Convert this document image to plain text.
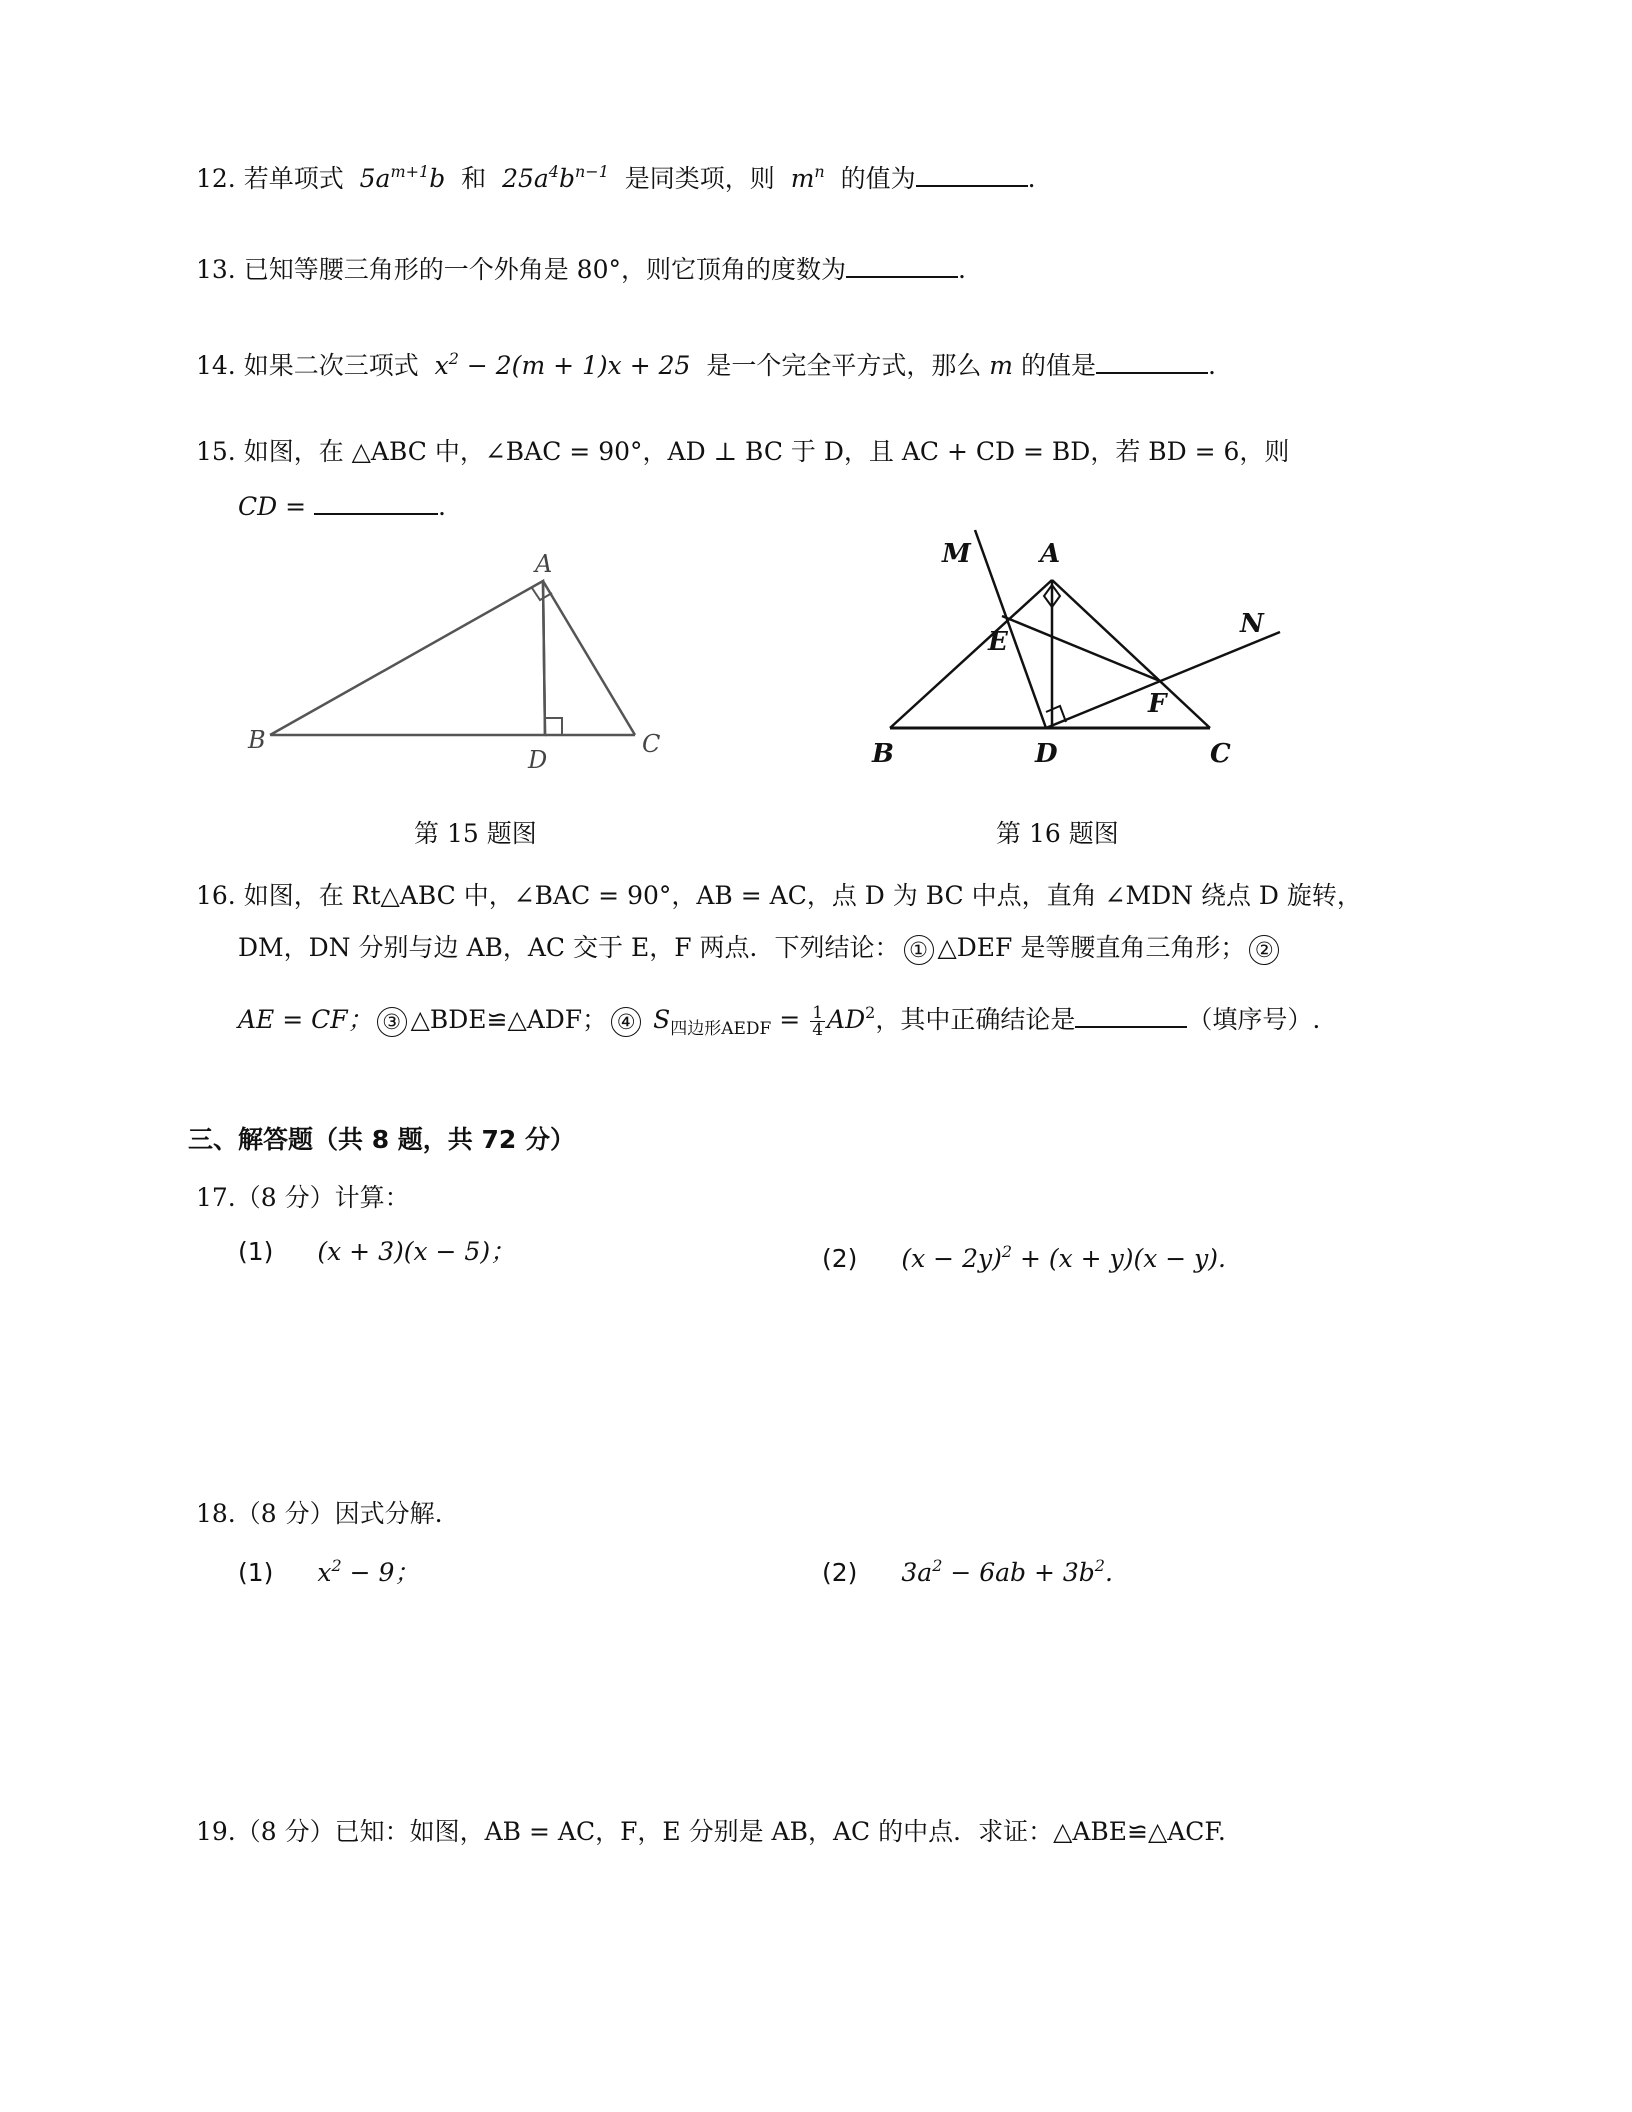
12. 若单项式 $5a^{m+1}b$ 和 $25a^4b^{n-1}$ 是同类项，则 $m^n$ 的值为	.
13. 已知等腰三角形的一个外角是 80°，则它顶角的度数为	.
14. 如果二次三项式 $x^2 - 2(m + 1)x + 25$ 是一个完全平方式，那么 m 的值是	.
15. 如图，在 △ABC 中，∠BAC = 90°，AD ⊥ BC 于 D，且 AC + CD = BD，若 BD = 6，则
CD =	.
A
B	C
D
第 15 题图
M	A
E
N
F
B	D	C
第 16 题图
16. 如图，在 Rt△ABC 中，∠BAC = 90°，AB = AC，点 D 为 BC 中点，直角 ∠MDN 绕点 D 旋转，
DM，DN 分别与边 AB，AC 交于 E，F 两点．下列结论： ① △DEF 是等腰直角三角形； ②
AE = CF； ③ △BDE≌△ADF； ④ $S_{四边形AEDF} = \frac{1}{4} AD^2$，其中正确结论是	（填序号）.
三、解答题（共 8 题，共 72 分）
17.（8 分）计算：
(1) (x + 3)(x − 5)；	(2) $(x - 2y)^2 + (x + y)(x - y)$.
18.（8 分）因式分解.
(1) $x^2 - 9$；	(2) $3a^2 - 6ab + 3b^2$.
19.（8 分）已知：如图，AB = AC，F，E 分别是 AB，AC 的中点．求证：△ABE≌△ACF.
